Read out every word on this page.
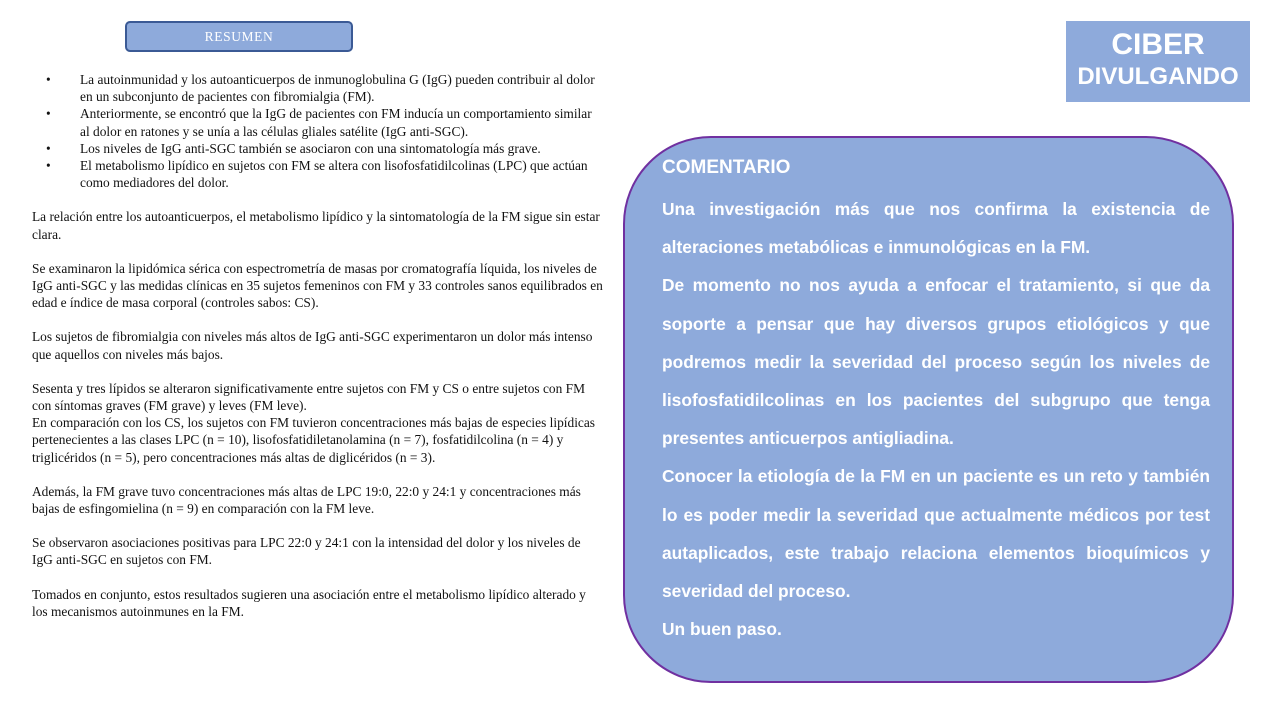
RESUMEN	CIBER
DIVULGANDO
• La autoinmunidad y los autoanticuerpos de inmunoglobulina G (IgG) pueden contribuir al dolor en un subconjunto de pacientes con fibromialgia (FM).
• Anteriormente, se encontró que la IgG de pacientes con FM inducía un comportamiento similar al dolor en ratones y se unía a las células gliales satélite (IgG anti-SGC).
• Los niveles de IgG anti-SGC también se asociaron con una sintomatología más grave.
• El metabolismo lipídico en sujetos con FM se altera con lisofosfatidilcolinas (LPC) que actúan como mediadores del dolor.

La relación entre los autoanticuerpos, el metabolismo lipídico y la sintomatología de la FM sigue sin estar clara.

Se examinaron la lipidómica sérica con espectrometría de masas por cromatografía líquida, los niveles de IgG anti-SGC y las medidas clínicas en 35 sujetos femeninos con FM y 33 controles sanos equilibrados en edad e índice de masa corporal (controles sabos: CS).

Los sujetos de fibromialgia con niveles más altos de IgG anti-SGC experimentaron un dolor más intenso que aquellos con niveles más bajos.

Sesenta y tres lípidos se alteraron significativamente entre sujetos con FM y CS o entre sujetos con FM con síntomas graves (FM grave) y leves (FM leve).

En comparación con los CS, los sujetos con FM tuvieron concentraciones más bajas de especies lipídicas pertenecientes a las clases LPC (n = 10), lisofosfatidiletanolamina (n = 7), fosfatidilcolina (n = 4) y triglicéridos (n = 5), pero concentraciones más altas de diglicéridos (n = 3).

Además, la FM grave tuvo concentraciones más altas de LPC 19:0, 22:0 y 24:1 y concentraciones más bajas de esfingomielina (n = 9) en comparación con la FM leve.

Se observaron asociaciones positivas para LPC 22:0 y 24:1 con la intensidad del dolor y los niveles de IgG anti-SGC en sujetos con FM.

Tomados en conjunto, estos resultados sugieren una asociación entre el metabolismo lipídico alterado y los mecanismos autoinmunes en la FM.

COMENTARIO

Una investigación más que nos confirma la existencia de alteraciones metabólicas e inmunológicas en la FM.

De momento no nos ayuda a enfocar el tratamiento, si que da soporte a pensar que hay diversos grupos etiológicos y que podremos medir la severidad del proceso según los niveles de lisofosfatidilcolinas en los pacientes del subgrupo que tenga presentes anticuerpos antigliadina.

Conocer la etiología de la FM en un paciente es un reto y también lo es poder medir la severidad que actualmente médicos por test autaplicados, este trabajo relaciona elementos bioquímicos y severidad del proceso.

Un buen paso.
